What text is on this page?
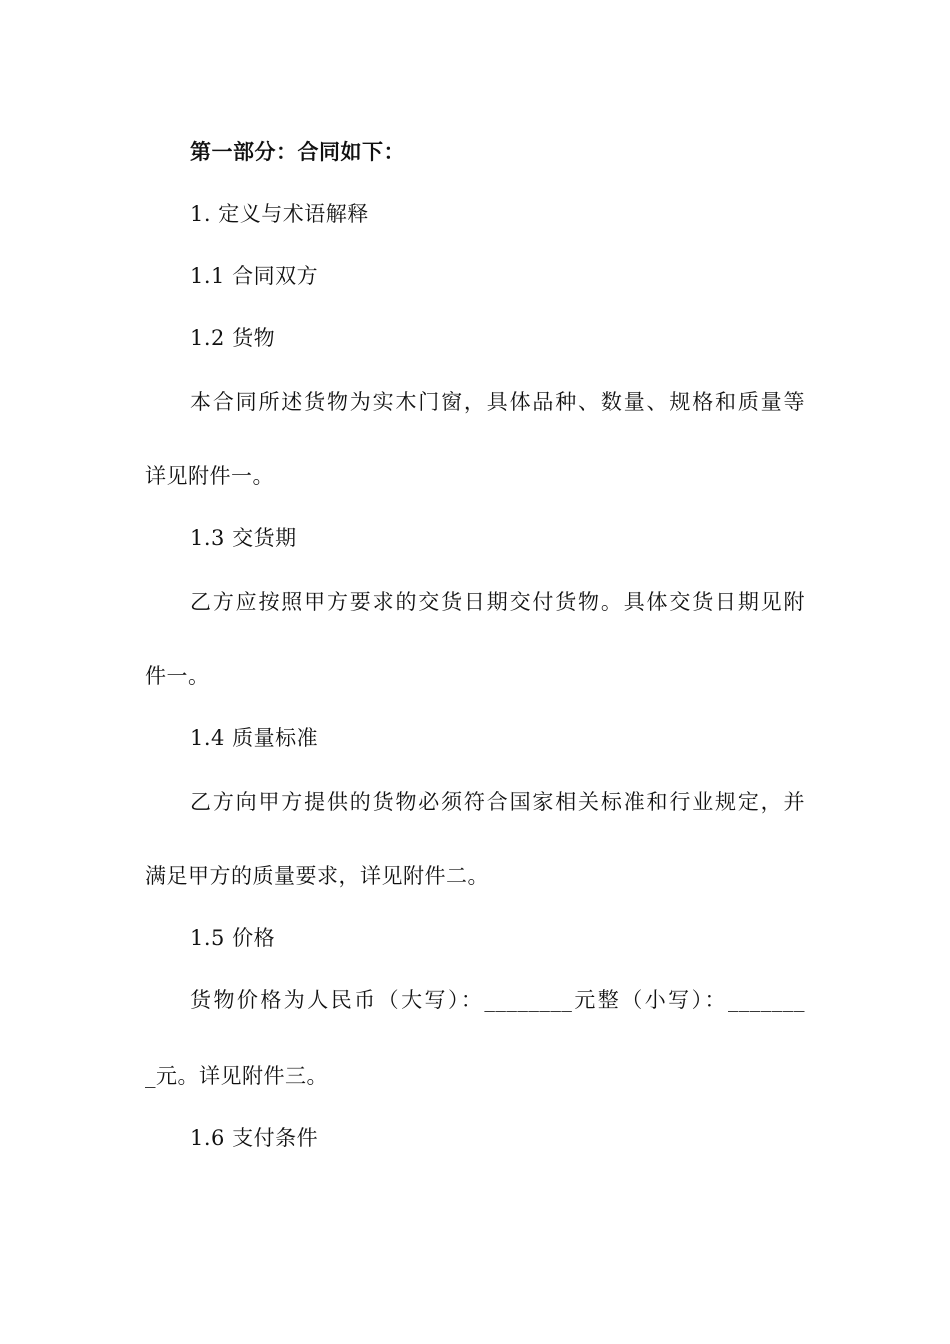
第一部分：合同如下：
1. 定义与术语解释
1.1 合同双方
1.2 货物
本合同所述货物为实木门窗，具体品种、数量、规格和质量等
详见附件一。
1.3 交货期
乙方应按照甲方要求的交货日期交付货物。具体交货日期见附
件一。
1.4 质量标准
乙方向甲方提供的货物必须符合国家相关标准和行业规定，并
满足甲方的质量要求，详见附件二。
1.5 价格
货物价格为人民币（大写）：________元整（小写）：_______
_元。详见附件三。
1.6 支付条件
